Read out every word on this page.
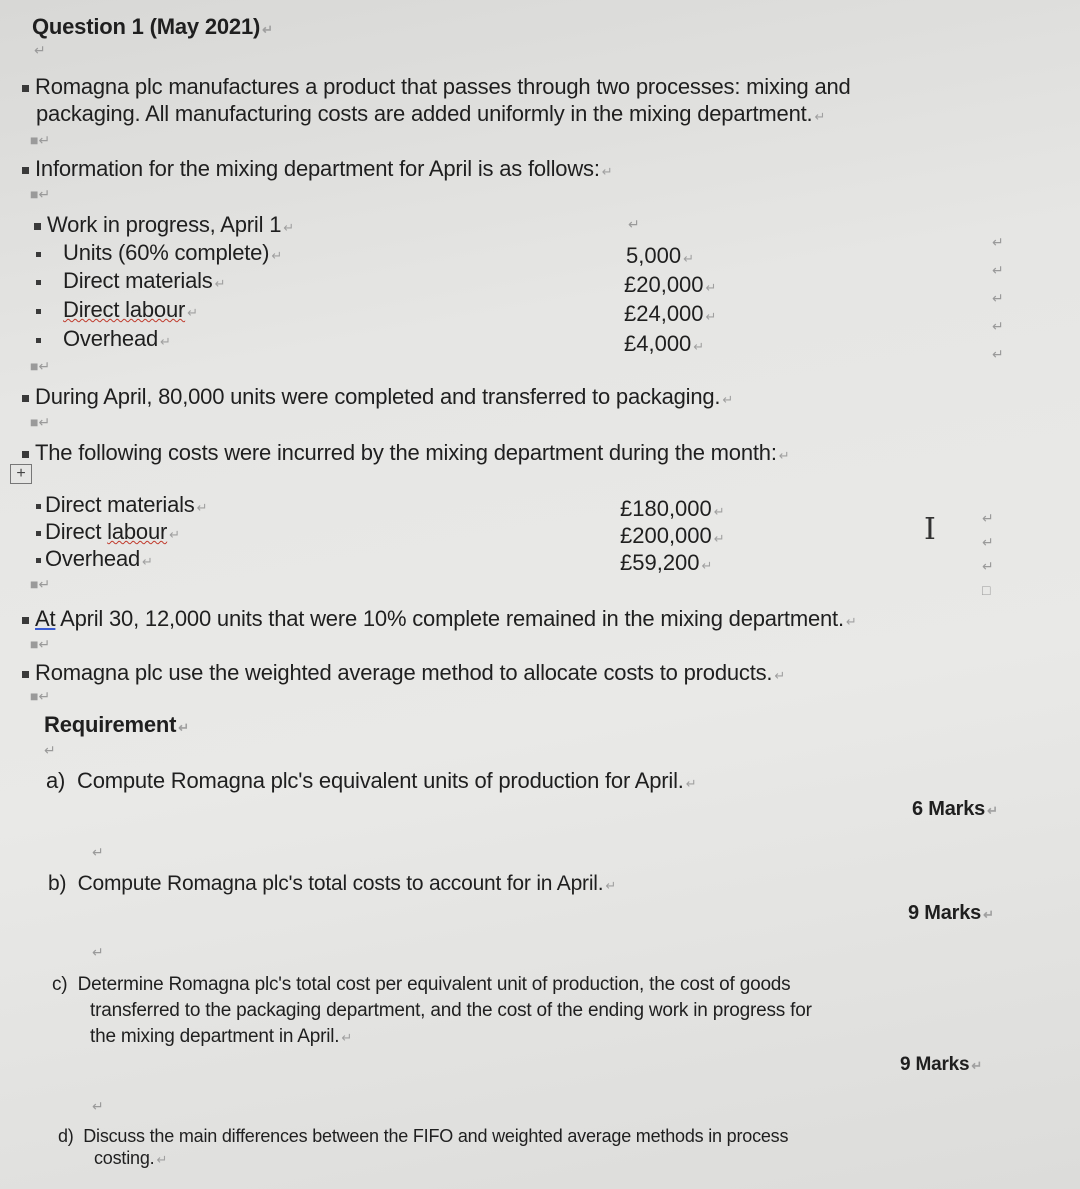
Question 1 (May 2021) ↵
↵
Romagna plc manufactures a product that passes through two processes: mixing and
packaging. All manufacturing costs are added uniformly in the mixing department. ↵
■↵
Information for the mixing department for April is as follows: ↵
■↵
Work in progress, April 1 ↵	↵
Units (60% complete) ↵
Direct materials ↵
Direct labour ↵
Overhead ↵
5,000 ↵
£20,000 ↵
£24,000 ↵
£4,000 ↵
↵
↵
↵
↵
↵
■↵
During April, 80,000 units were completed and transferred to packaging. ↵
■↵
The following costs were incurred by the mixing department during the month: ↵
+
Direct materials ↵
Direct labour ↵
Overhead ↵
£180,000 ↵
£200,000 ↵
£59,200 ↵
I	↵
↵
↵
□
■↵
At April 30, 12,000 units that were 10% complete remained in the mixing department. ↵
■↵
Romagna plc use the weighted average method to allocate costs to products. ↵
■↵
Requirement ↵
↵
a) Compute Romagna plc's equivalent units of production for April. ↵
6 Marks ↵
↵
b) Compute Romagna plc's total costs to account for in April. ↵
9 Marks ↵
↵
c) Determine Romagna plc's total cost per equivalent unit of production, the cost of goods
transferred to the packaging department, and the cost of the ending work in progress for
the mixing department in April. ↵
9 Marks ↵
↵
d) Discuss the main differences between the FIFO and weighted average methods in process
costing. ↵
